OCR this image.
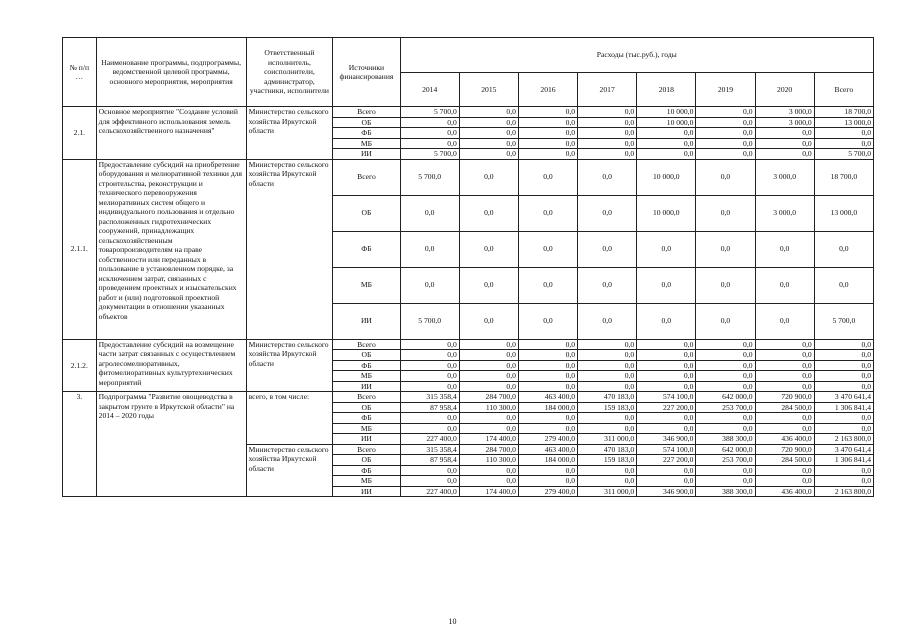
№ п/п
…	Наименование программы, подпрограммы, ведомственной целевой программы, основного мероприятия, мероприятия	Ответственный исполнитель, соисполнители, администратор, участники, исполнители	Источники финансирования	Расходы (тыс.руб.), годы							
				2014	2015	2016	2017	2018	2019	2020	Всего
2.1.	Основное мероприятие "Создание условий для эффективного использования земель сельскохозяйственного назначения"	Министерство сельского хозяйства Иркутской области	Всего	5 700,0	0,0	0,0	0,0	10 000,0	0,0	3 000,0	18 700,0
			ОБ	0,0	0,0	0,0	0,0	10 000,0	0,0	3 000,0	13 000,0
			ФБ	0,0	0,0	0,0	0,0	0,0	0,0	0,0	0,0
			МБ	0,0	0,0	0,0	0,0	0,0	0,0	0,0	0,0
			ИИ	5 700,0	0,0	0,0	0,0	0,0	0,0	0,0	5 700,0
2.1.1.	Предоставление субсидий на приобретение оборудования и мелиоративной техники для строительства, реконструкции и технического перевооружения мелиоративных систем общего и индивидуального пользования и отдельно расположенных гидротехнических сооружений, принадлежащих сельскохозяйственным товаропроизводителям на праве собственности или переданных в пользование в установленном порядке, за исключением затрат, связанных с проведением проектных и изыскательских работ и (или) подготовкой проектной документации в отношении указанных объектов	Министерство сельского хозяйства Иркутской области	Всего	5 700,0	0,0	0,0	0,0	10 000,0	0,0	3 000,0	18 700,0
			ОБ	0,0	0,0	0,0	0,0	10 000,0	0,0	3 000,0	13 000,0
			ФБ	0,0	0,0	0,0	0,0	0,0	0,0	0,0	0,0
			МБ	0,0	0,0	0,0	0,0	0,0	0,0	0,0	0,0
			ИИ	5 700,0	0,0	0,0	0,0	0,0	0,0	0,0	5 700,0
2.1.2.	Предоставление субсидий на возмещение части затрат связанных с осуществлением агролесомелиоративных, фитомелиоративных культуртехнических мероприятий	Министерство сельского хозяйства Иркутской области	Всего	0,0	0,0	0,0	0,0	0,0	0,0	0,0	0,0
			ОБ	0,0	0,0	0,0	0,0	0,0	0,0	0,0	0,0
			ФБ	0,0	0,0	0,0	0,0	0,0	0,0	0,0	0,0
			МБ	0,0	0,0	0,0	0,0	0,0	0,0	0,0	0,0
			ИИ	0,0	0,0	0,0	0,0	0,0	0,0	0,0	0,0
3.	Подпрограмма "Развитие овощеводства в закрытом грунте в Иркутской области" на 2014 – 2020 годы	всего, в том числе:	Всего	315 358,4	284 700,0	463 400,0	470 183,0	574 100,0	642 000,0	720 900,0	3 470 641,4
			ОБ	87 958,4	110 300,0	184 000,0	159 183,0	227 200,0	253 700,0	284 500,0	1 306 841,4
			ФБ	0,0	0,0	0,0	0,0	0,0	0,0	0,0	0,0
			МБ	0,0	0,0	0,0	0,0	0,0	0,0	0,0	0,0
			ИИ	227 400,0	174 400,0	279 400,0	311 000,0	346 900,0	388 300,0	436 400,0	2 163 800,0
		Министерство сельского хозяйства Иркутской области	Всего	315 358,4	284 700,0	463 400,0	470 183,0	574 100,0	642 000,0	720 900,0	3 470 641,4
			ОБ	87 958,4	110 300,0	184 000,0	159 183,0	227 200,0	253 700,0	284 500,0	1 306 841,4
			ФБ	0,0	0,0	0,0	0,0	0,0	0,0	0,0	0,0
			МБ	0,0	0,0	0,0	0,0	0,0	0,0	0,0	0,0
			ИИ	227 400,0	174 400,0	279 400,0	311 000,0	346 900,0	388 300,0	436 400,0	2 163 800,0
10
